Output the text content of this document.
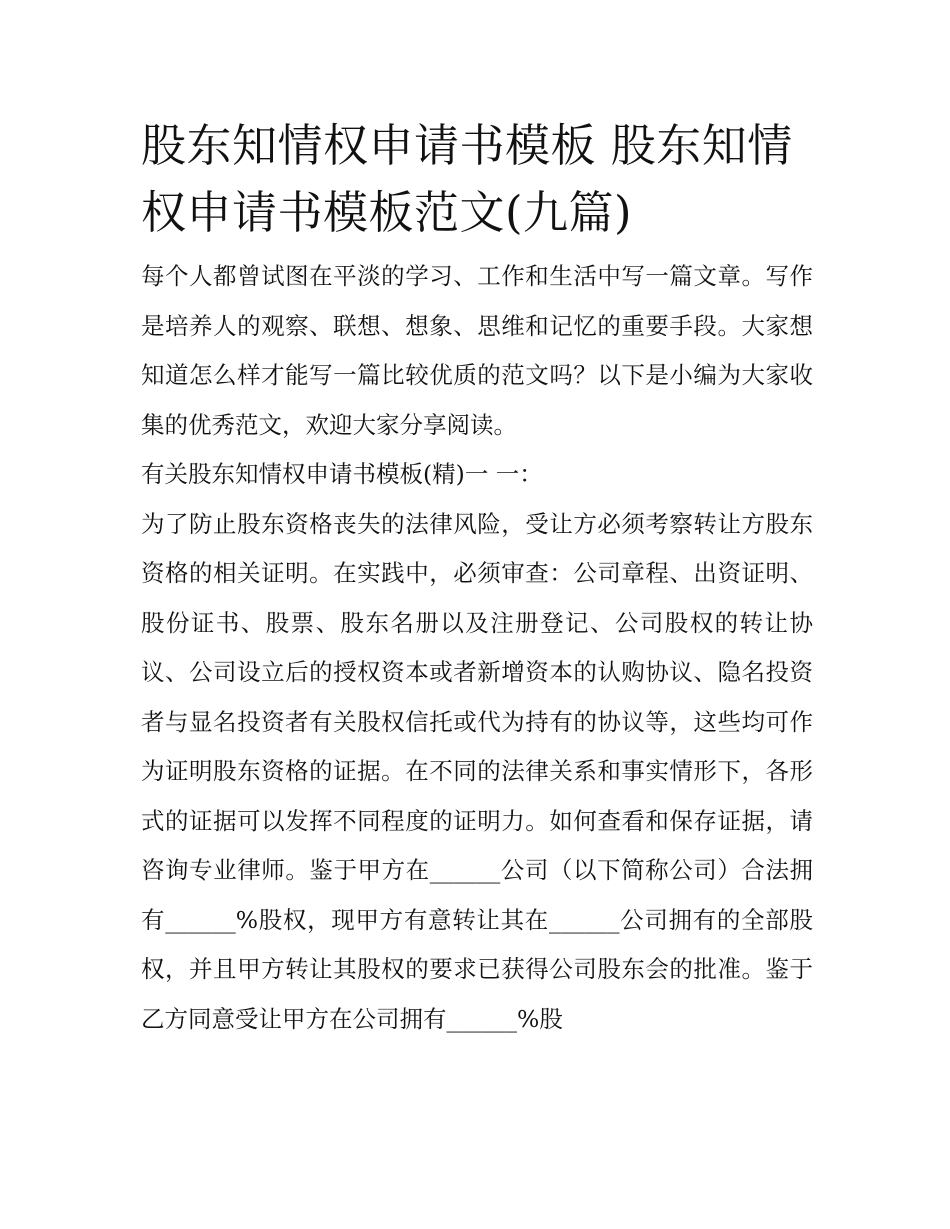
股东知情权申请书模板 股东知情权申请书模板范文(九篇)

每个人都曾试图在平淡的学习、工作和生活中写一篇文章。写作是培养人的观察、联想、想象、思维和记忆的重要手段。大家想知道怎么样才能写一篇比较优质的范文吗？以下是小编为大家收集的优秀范文，欢迎大家分享阅读。

有关股东知情权申请书模板(精)一 一：

为了防止股东资格丧失的法律风险，受让方必须考察转让方股东资格的相关证明。在实践中，必须审查：公司章程、出资证明、股份证书、股票、股东名册以及注册登记、公司股权的转让协议、公司设立后的授权资本或者新增资本的认购协议、隐名投资者与显名投资者有关股权信托或代为持有的协议等，这些均可作为证明股东资格的证据。在不同的法律关系和事实情形下，各形式的证据可以发挥不同程度的证明力。如何查看和保存证据，请咨询专业律师。鉴于甲方在______公司（以下简称公司）合法拥有______%股权，现甲方有意转让其在______公司拥有的全部股权，并且甲方转让其股权的要求已获得公司股东会的批准。鉴于乙方同意受让甲方在公司拥有______%股
